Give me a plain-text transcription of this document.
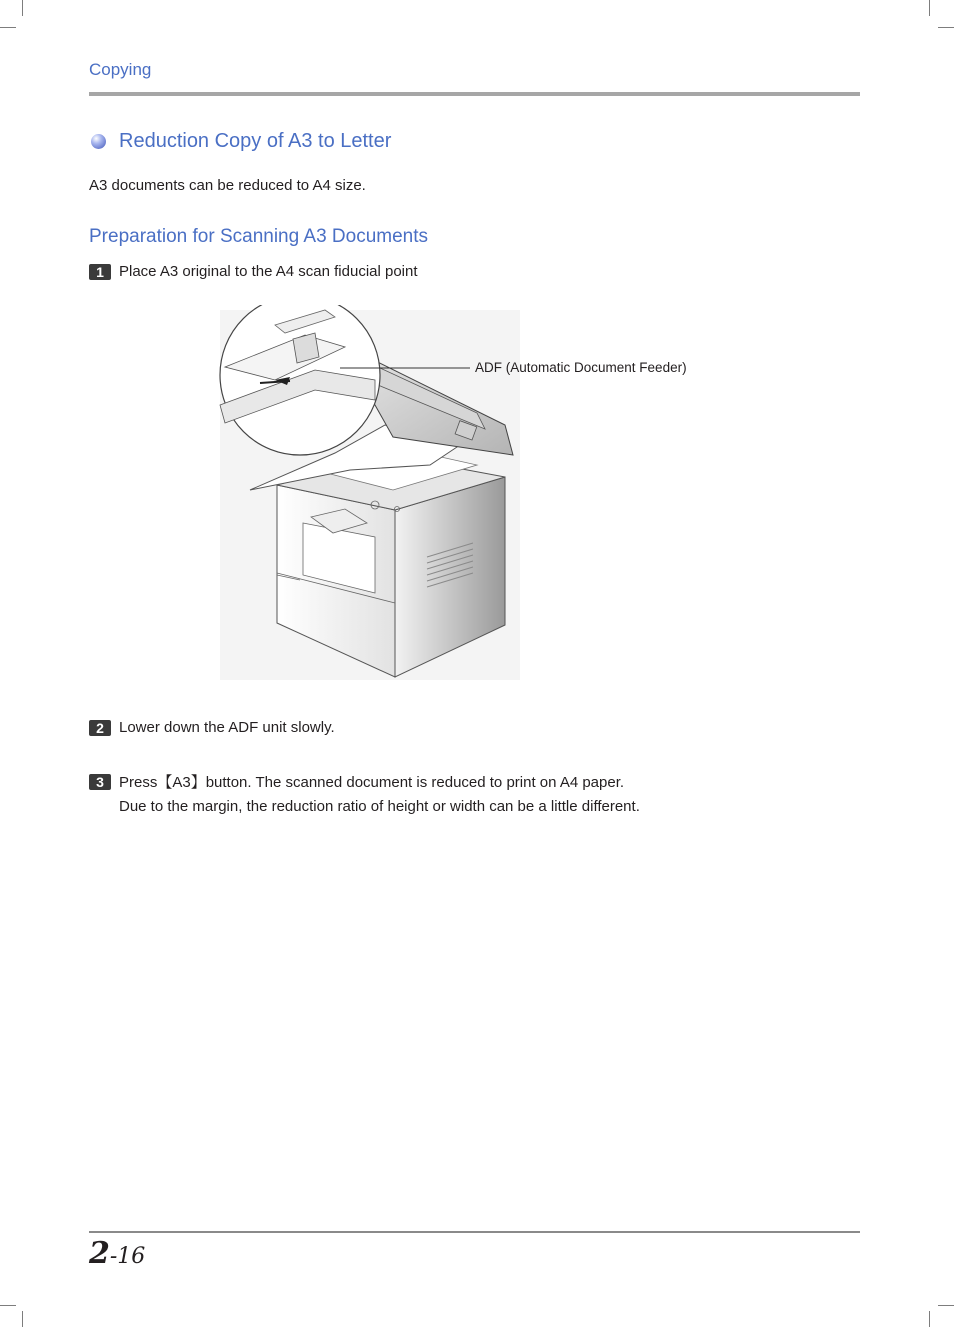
Copying
Reduction Copy of A3 to Letter
A3 documents can be reduced to A4 size.
Preparation for Scanning A3 Documents
1	Place A3 original to the A4 scan fiducial point
ADF (Automatic Document Feeder)
2	Lower down the ADF unit slowly.
3	Press【A3】button. The scanned document is reduced to print on A4 paper.
Due to the margin, the reduction ratio of height or width can be a little different.
2-16
